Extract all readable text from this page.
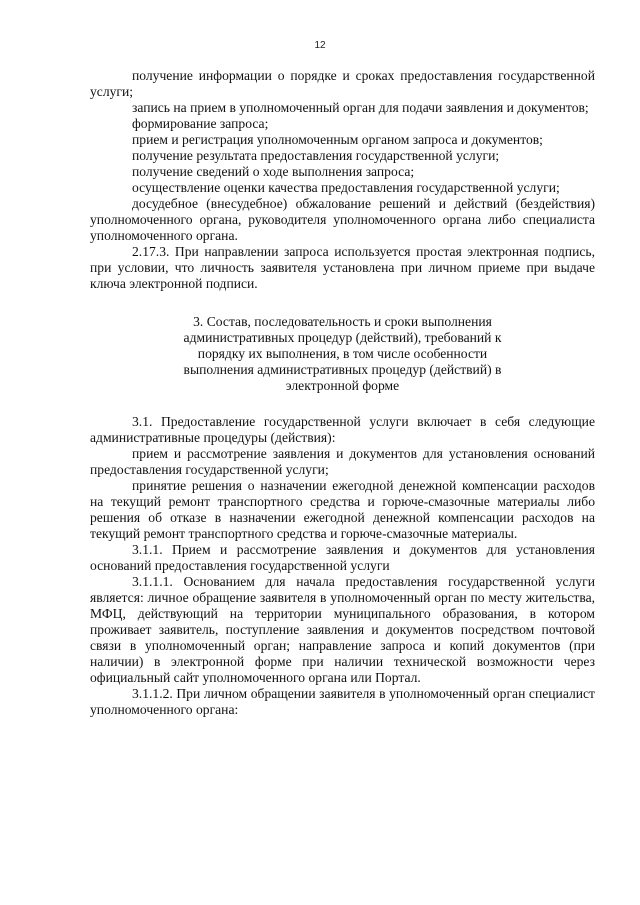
12

получение информации о порядке и сроках предоставления государственной услуги;

запись на прием в уполномоченный орган для подачи заявления и документов;

формирование запроса;

прием и регистрация уполномоченным органом запроса и документов;

получение результата предоставления государственной услуги;

получение сведений о ходе выполнения запроса;

осуществление оценки качества предоставления государственной услуги;

досудебное (внесудебное) обжалование решений и действий (бездействия) уполномоченного органа, руководителя уполномоченного органа либо специалиста уполномоченного органа.

2.17.3. При направлении запроса используется простая электронная подпись, при условии, что личность заявителя установлена при личном приеме при выдаче ключа электронной подписи.

3. Состав, последовательность и сроки выполнения
административных процедур (действий), требований к
порядку их выполнения, в том числе особенности
выполнения административных процедур (действий) в
электронной форме

3.1. Предоставление государственной услуги включает в себя следующие административные процедуры (действия):

прием и рассмотрение заявления и документов для установления оснований предоставления государственной услуги;

принятие решения о назначении ежегодной денежной компенсации расходов на текущий ремонт транспортного средства и горюче-смазочные материалы либо решения об отказе в назначении ежегодной денежной компенсации расходов на текущий ремонт транспортного средства и горюче-смазочные материалы.

3.1.1. Прием и рассмотрение заявления и документов для установления оснований предоставления государственной услуги

3.1.1.1. Основанием для начала предоставления государственной услуги является: личное обращение заявителя в уполномоченный орган по месту жительства, МФЦ, действующий на территории муниципального образования, в котором проживает заявитель, поступление заявления и документов посредством почтовой связи в уполномоченный орган; направление запроса и копий документов (при наличии) в электронной форме при наличии технической возможности через официальный сайт уполномоченного органа или Портал.

3.1.1.2. При личном обращении заявителя в уполномоченный орган специалист уполномоченного органа:
